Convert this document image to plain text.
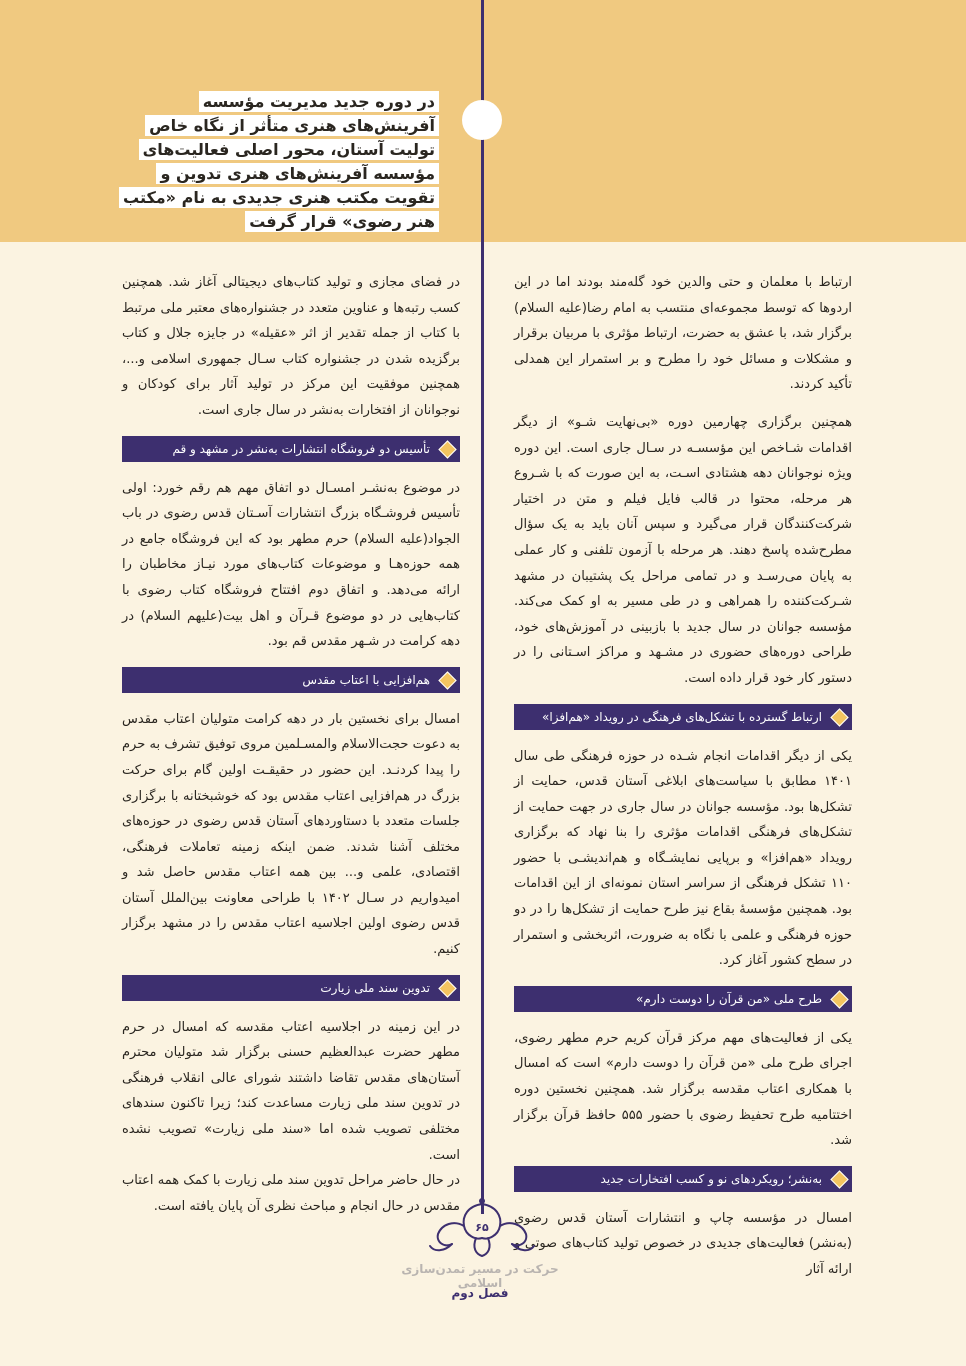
در دوره جدید مدیریت مؤسسه آفرینش‌های هنری متأثر از نگاه خاص تولیت آستان، محور اصلی فعالیت‌های مؤسسه آفرینش‌های هنری تدوین و تقویت مکتب هنری جدیدی به نام «مکتب هنر رضوی» قرار گرفت

ارتباط با معلمان و حتی والدین خود گله‌مند بودند اما در این اردوها که توسط مجموعه‌ای منتسب به امام رضا(علیه السلام) برگزار شد، با عشق به حضرت، ارتباط مؤثری با مربیان برقرار و مشکلات و مسائل خود را مطرح و بر استمرار این همدلی تأکید کردند.

همچنین برگزاری چهارمین دوره «بی‌نهایت شـو» از دیگر اقدامات شـاخص این مؤسسـه در سـال جاری است. این دوره ویژه نوجوانان دهه هشتادی اسـت، به این صورت که با شـروع هر مرحله، محتوا در قالب فایل فیلم و متن در اختیار شرکت‌کنندگان قرار می‌گیرد و سپس آنان باید به یک سؤال مطرح‌شده پاسخ دهند. هر مرحله با آزمون تلفنی و کار عملی به پایان می‌رسـد و در تمامی مراحل یک پشتیبان در مشهد شـرکت‌کننده را همراهی و در طی مسیر به او کمک می‌کند. مؤسسه جوانان در سال جدید با بازبینی در آموزش‌های خود، طراحی دوره‌های حضوری در مشـهد و مراکز اسـتانی را در دستور کار خود قرار داده است.

ارتباط گسترده با تشکل‌های فرهنگی در رویداد «هم‌افزا»

یکی از دیگر اقدامات انجام شـده در حوزه فرهنگی طی سال ۱۴۰۱ مطابق با سیاست‌های ابلاغی آستان قدس، حمایت از تشکل‌ها بود. مؤسسه جوانان در سال جاری در جهت حمایت از تشکل‌های فرهنگی اقدامات مؤثری را بنا نهاد که برگزاری رویداد «هم‌افزا» و برپایی نمایشـگاه و هم‌اندیشـی با حضور ۱۱۰ تشکل فرهنگی از سراسر استان نمونه‌ای از این اقدامات بود. همچنین مؤسسهٔ بقاع نیز طرح حمایت از تشکل‌ها را در دو حوزه فرهنگی و علمی با نگاه به ضرورت، اثربخشی و استمرار در سطح کشور آغاز کرد.

طرح ملی «من قرآن را دوست دارم»

یکی از فعالیت‌های مهم مرکز قرآن کریم حرم مطهر رضوی، اجرای طرح ملی «من قرآن را دوست دارم» است که امسال با همکاری اعتاب مقدسه برگزار شد. همچنین نخستین دوره اختتامیه طرح تحفیظ رضوی با حضور ۵۵۵ حافظ قرآن برگزار شد.

به‌نشر؛ رویکردهای نو و کسب افتخارات جدید

امسال در مؤسسه چاپ و انتشارات آستان قدس رضوی (به‌نشر) فعالیت‌های جدیدی در خصوص تولید کتاب‌های صوتی و ارائه آثار

در فضای مجازی و تولید کتاب‌های دیجیتالی آغاز شد. همچنین کسب رتبه‌ها و عناوین متعدد در جشنواره‌های معتبر ملی مرتبط با کتاب از جمله تقدیر از اثر «عقیله» در جایزه جلال و کتاب برگزیده شدن در جشنواره کتاب سـال جمهوری اسلامی و...، همچنین موفقیت این مرکز در تولید آثار برای کودکان و نوجوانان از افتخارات به‌نشر در سال جاری است.

تأسیس دو فروشگاه انتشارات به‌نشر در مشهد و قم

در موضوع به‌نشـر امسـال دو اتفاق مهم هم رقم خورد: اولی تأسیس فروشـگاه بزرگ انتشارات آسـتان قدس رضوی در باب الجواد(علیه السلام) حرم مطهر بود که این فروشگاه جامع در همه حوزه‌هـا و موضوعات کتاب‌های مورد نیـاز مخاطبان را ارائه می‌دهد. و اتفاق دوم افتتاح فروشگاه کتاب رضوی با کتاب‌هایی در دو موضوع قـرآن و اهل بیت(علیهم السلام) در دهه کرامت در شـهر مقدس قم بود.

هم‌افزایی با اعتاب مقدس

امسال برای نخستین بار در دهه کرامت متولیان اعتاب مقدس به دعوت حجت‌الاسلام والمسـلمین مروی توفیق تشرف به حرم را پیدا کردنـد. این حضور در حقیقـت اولین گام برای حرکت بزرگ در هم‌افزایی اعتاب مقدس بود که خوشبختانه با برگزاری جلسات متعدد با دستاوردهای آستان قدس رضوی در حوزه‌های مختلف آشنا شدند. ضمن اینکه زمینه تعاملات فرهنگی، اقتصادی، علمی و... بین همه اعتاب مقدس حاصل شد و امیدواریم در سـال ۱۴۰۲ با طراحی معاونت بین‌الملل آستان قدس رضوی اولین اجلاسیه اعتاب مقدس را در مشهد برگزار کنیم.

تدوین سند ملی زیارت

در این زمینه در اجلاسیه اعتاب مقدسه که امسال در حرم مطهر حضرت عبدالعظیم حسنی برگزار شد متولیان محترم آستان‌های مقدس تقاضا داشتند شورای عالی انقلاب فرهنگی در تدوین سند ملی زیارت مساعدت کند؛ زیرا تاکنون سندهای مختلفی تصویب شده اما «سند ملی زیارت» تصویب نشده است.

در حال حاضر مراحل تدوین سند ملی زیارت با کمک همه اعتاب مقدس در حال انجام و مباحث نظری آن پایان یافته است.

۶۵
حرکت در مسیر تمدن‌سازی اسلامی
فصل دوم
